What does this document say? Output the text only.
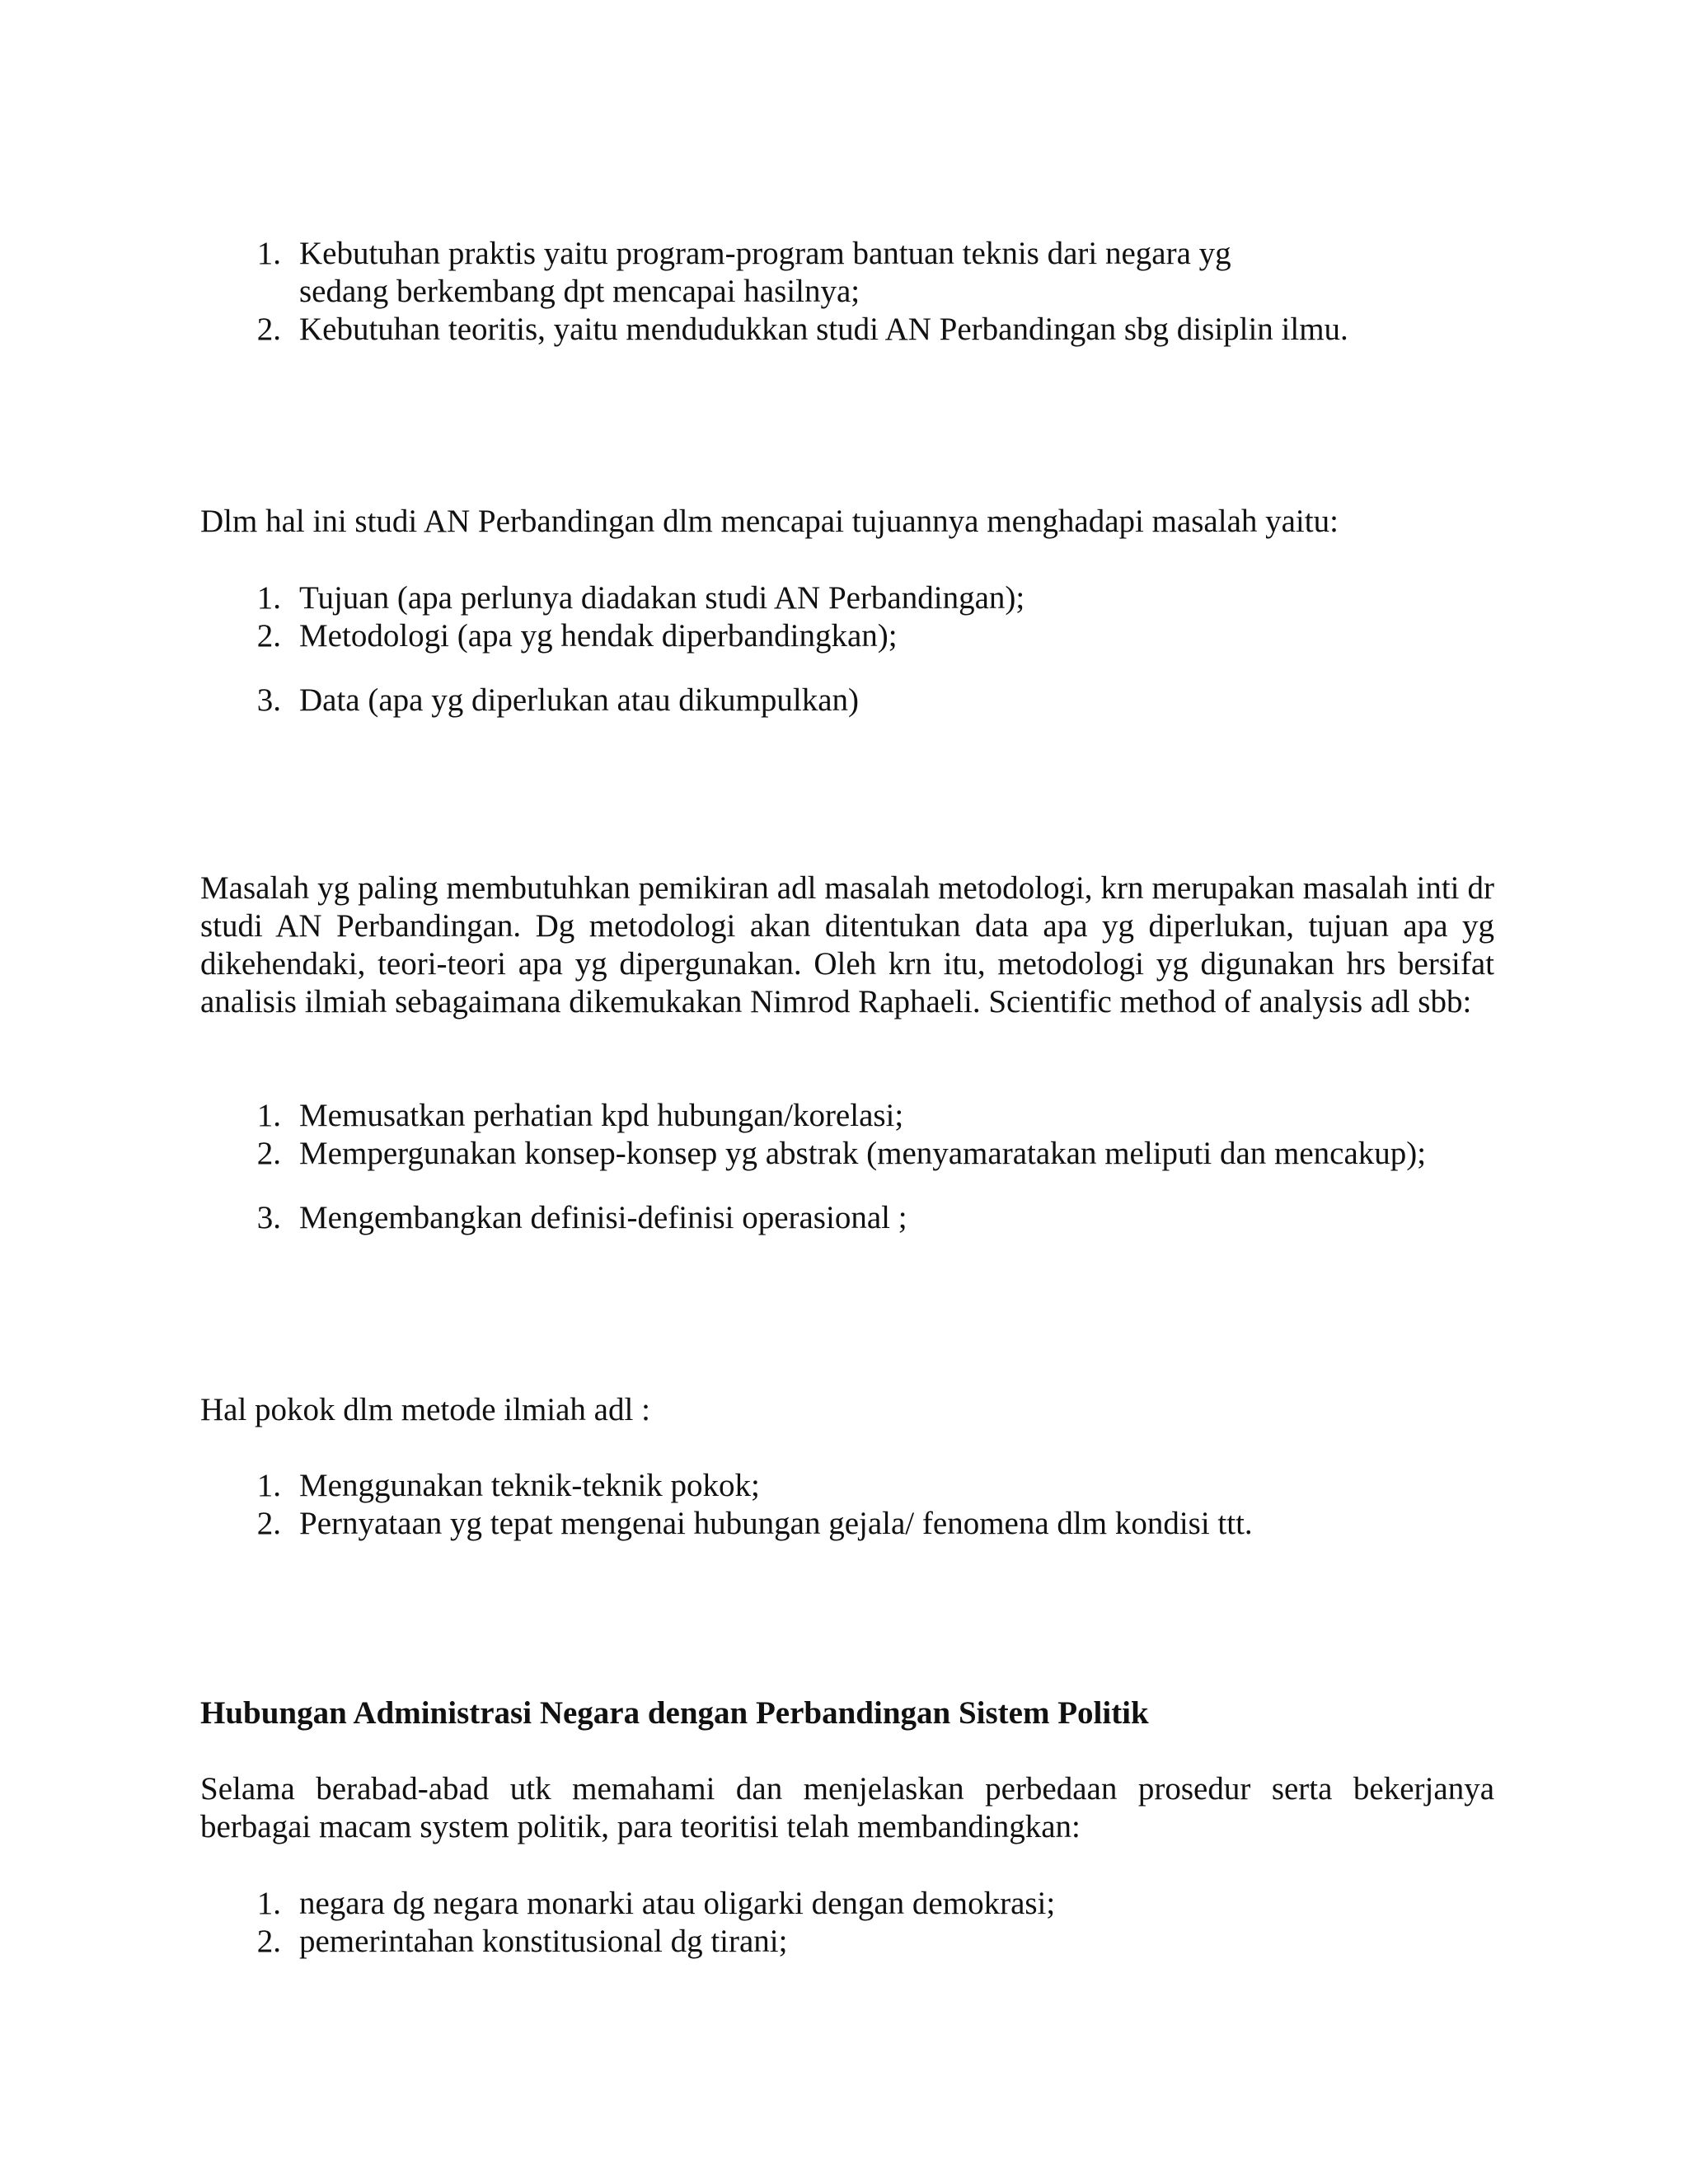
1. Kebutuhan praktis yaitu program-program bantuan teknis dari negara yg sedang berkembang dpt mencapai hasilnya;
2. Kebutuhan teoritis, yaitu mendudukkan studi AN Perbandingan sbg disiplin ilmu.

Dlm hal ini studi AN Perbandingan dlm mencapai tujuannya menghadapi masalah yaitu:

1. Tujuan (apa perlunya diadakan studi AN Perbandingan);
2. Metodologi (apa yg hendak diperbandingkan);
3. Data (apa yg diperlukan atau dikumpulkan)

Masalah yg paling membutuhkan pemikiran adl masalah metodologi, krn merupakan masalah inti dr studi AN Perbandingan. Dg metodologi akan ditentukan data apa yg diperlukan, tujuan apa yg dikehendaki, teori-teori apa yg dipergunakan. Oleh krn itu, metodologi yg digunakan hrs bersifat analisis ilmiah sebagaimana dikemukakan Nimrod Raphaeli. Scientific method of analysis adl sbb:

1. Memusatkan perhatian kpd hubungan/korelasi;
2. Mempergunakan konsep-konsep yg abstrak (menyamaratakan meliputi dan mencakup);
3. Mengembangkan definisi-definisi operasional ;

Hal pokok dlm metode ilmiah adl :

1. Menggunakan teknik-teknik pokok;
2. Pernyataan yg tepat mengenai hubungan gejala/ fenomena dlm kondisi ttt.

Hubungan Administrasi Negara dengan Perbandingan Sistem Politik

Selama berabad-abad utk memahami dan menjelaskan perbedaan prosedur serta bekerjanya berbagai macam system politik, para teoritisi telah membandingkan:

1. negara dg negara monarki atau oligarki dengan demokrasi;
2. pemerintahan konstitusional dg tirani;
